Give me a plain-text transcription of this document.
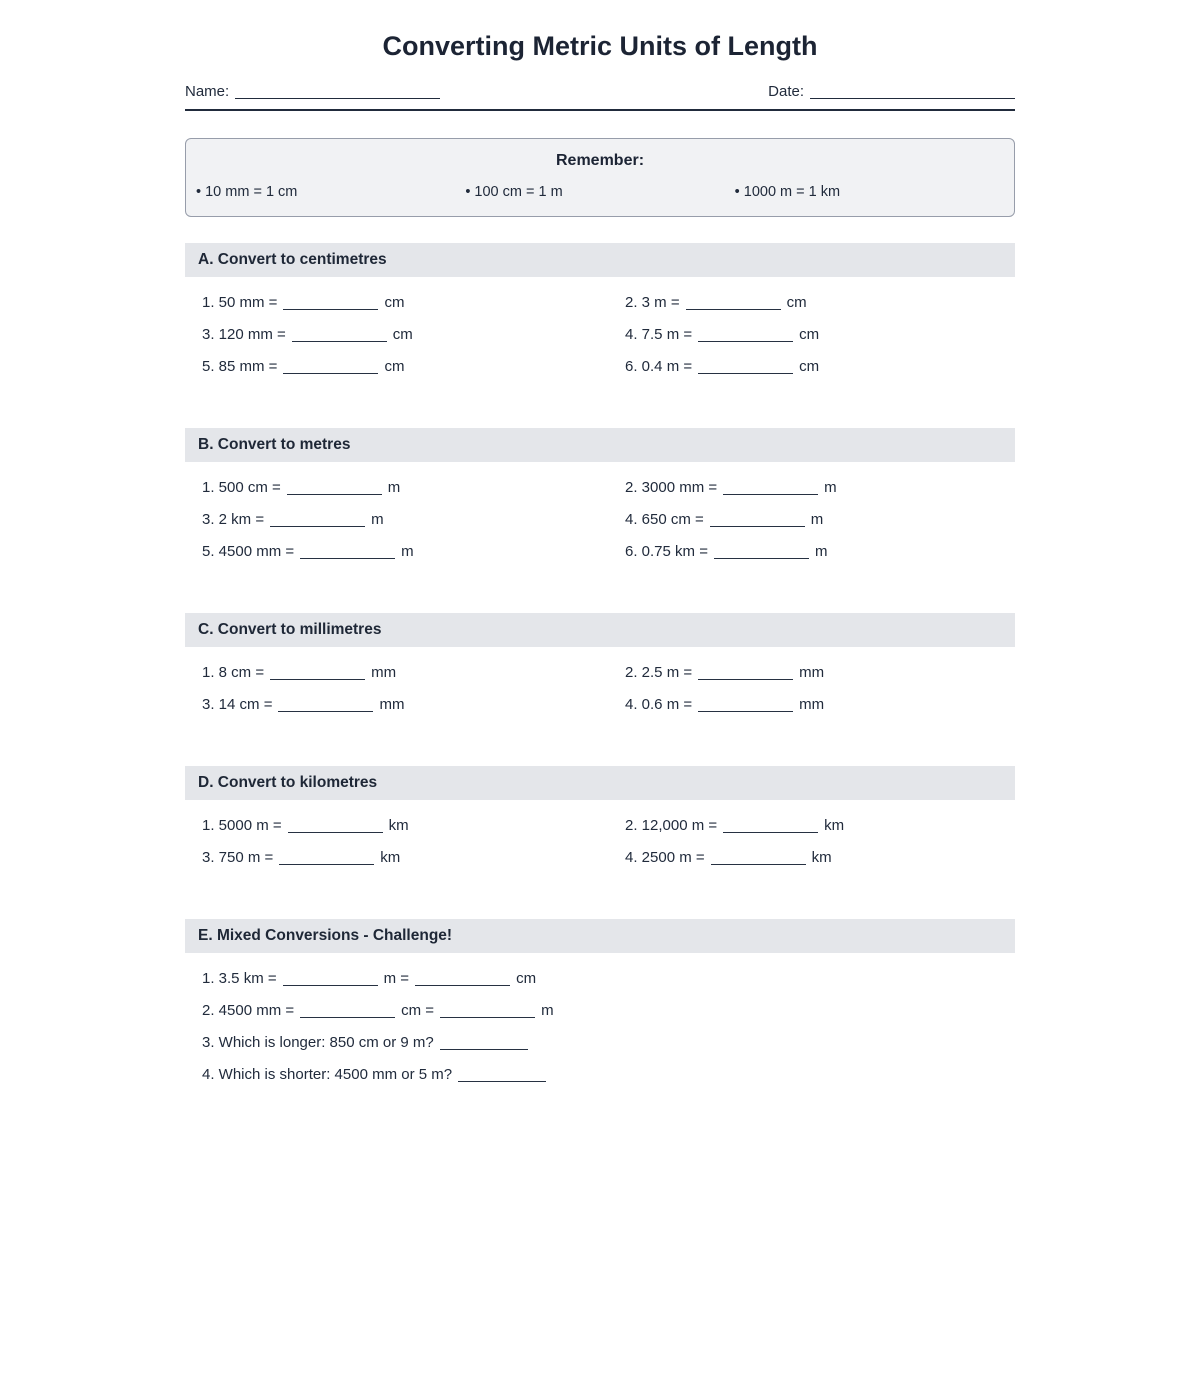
Converting Metric Units of Length
Name:	Date:
Remember:
• 10 mm = 1 cm	• 100 cm = 1 m	• 1000 m = 1 km
A. Convert to centimetres
1. 50 mm =	cm	2. 3 m =	cm
3. 120 mm =	cm	4. 7.5 m =	cm
5. 85 mm =	cm	6. 0.4 m =	cm
B. Convert to metres
1. 500 cm =	m	2. 3000 mm =	m
3. 2 km =	m	4. 650 cm =	m
5. 4500 mm =	m	6. 0.75 km =	m
C. Convert to millimetres
1. 8 cm =	mm	2. 2.5 m =	mm
3. 14 cm =	mm	4. 0.6 m =	mm
D. Convert to kilometres
1. 5000 m =	km	2. 12,000 m =	km
3. 750 m =	km	4. 2500 m =	km
E. Mixed Conversions - Challenge!
1. 3.5 km =	m =	cm
2. 4500 mm =	cm =	m
3. Which is longer: 850 cm or 9 m?
4. Which is shorter: 4500 mm or 5 m?
